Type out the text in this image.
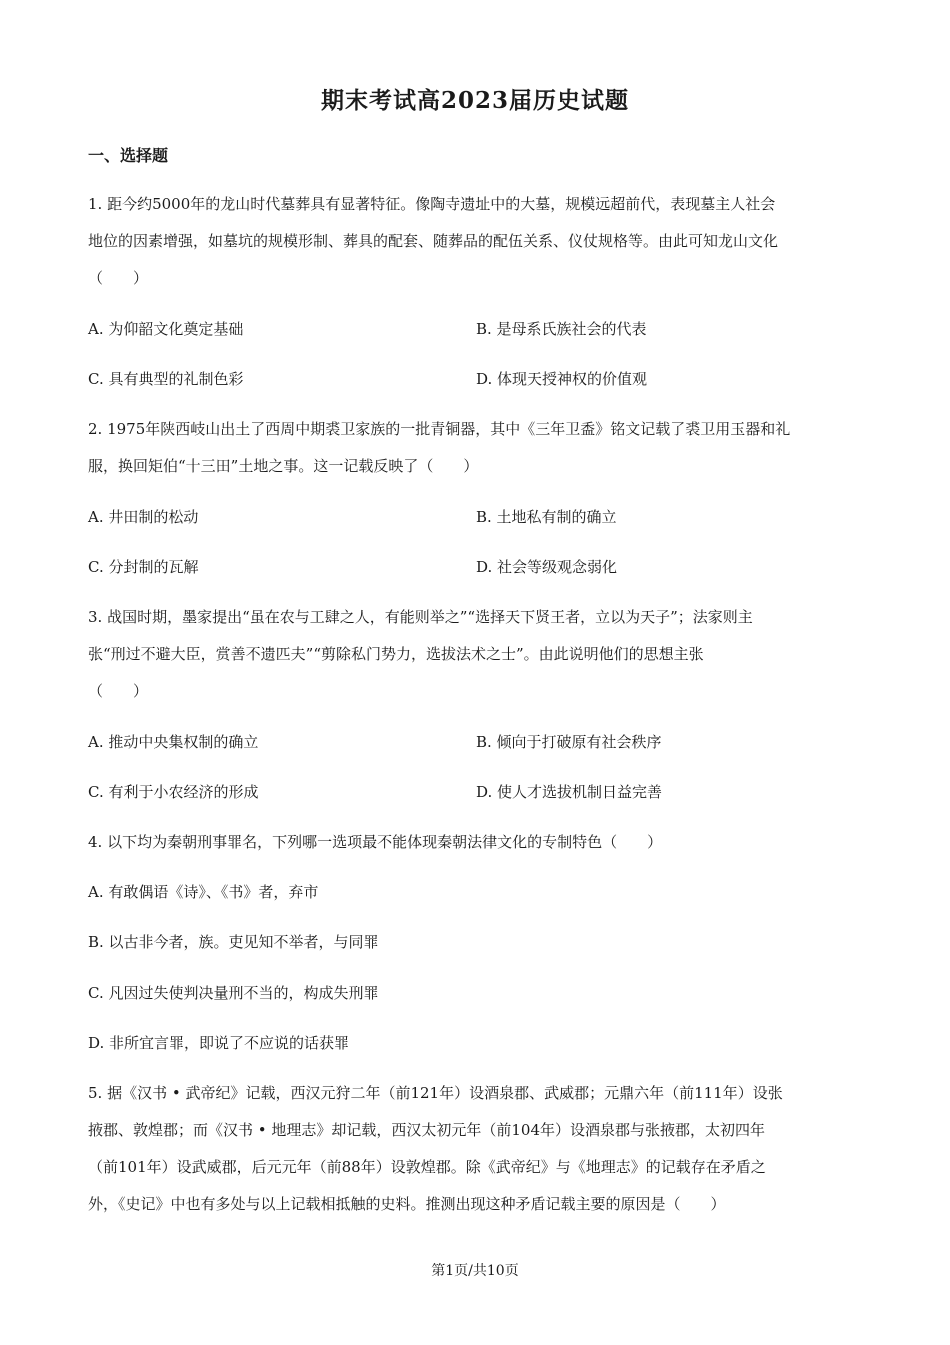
期末考试高2023届历史试题
一、选择题
1. 距今约5000年的龙山时代墓葬具有显著特征。像陶寺遗址中的大墓，规模远超前代，表现墓主人社会
地位的因素增强，如墓坑的规模形制、葬具的配套、随葬品的配伍关系、仪仗规格等。由此可知龙山文化
（　　）
A. 为仰韶文化奠定基础	B. 是母系氏族社会的代表
C. 具有典型的礼制色彩	D. 体现天授神权的价值观
2. 1975年陕西岐山出土了西周中期裘卫家族的一批青铜器，其中《三年卫盉》铭文记载了裘卫用玉器和礼
服，换回矩伯“十三田”土地之事。这一记载反映了（　　）
A. 井田制的松动	B. 土地私有制的确立
C. 分封制的瓦解	D. 社会等级观念弱化
3. 战国时期，墨家提出“虽在农与工肆之人，有能则举之”“选择天下贤王者，立以为天子”；法家则主
张“刑过不避大臣，赏善不遗匹夫”“剪除私门势力，选拔法术之士”。由此说明他们的思想主张
（　　）
A. 推动中央集权制的确立	B. 倾向于打破原有社会秩序
C. 有利于小农经济的形成	D. 使人才选拔机制日益完善
4. 以下均为秦朝刑事罪名，下列哪一选项最不能体现秦朝法律文化的专制特色（　　）
A. 有敢偶语《诗》、《书》者，弃市
B. 以古非今者，族。吏见知不举者，与同罪
C. 凡因过失使判决量刑不当的，构成失刑罪
D. 非所宜言罪，即说了不应说的话获罪
5. 据《汉书 • 武帝纪》记载，西汉元狩二年（前121年）设酒泉郡、武威郡；元鼎六年（前111年）设张
掖郡、敦煌郡；而《汉书 • 地理志》却记载，西汉太初元年（前104年）设酒泉郡与张掖郡，太初四年
（前101年）设武威郡，后元元年（前88年）设敦煌郡。除《武帝纪》与《地理志》的记载存在矛盾之
外，《史记》中也有多处与以上记载相抵触的史料。推测出现这种矛盾记载主要的原因是（　　）
第1页/共10页
